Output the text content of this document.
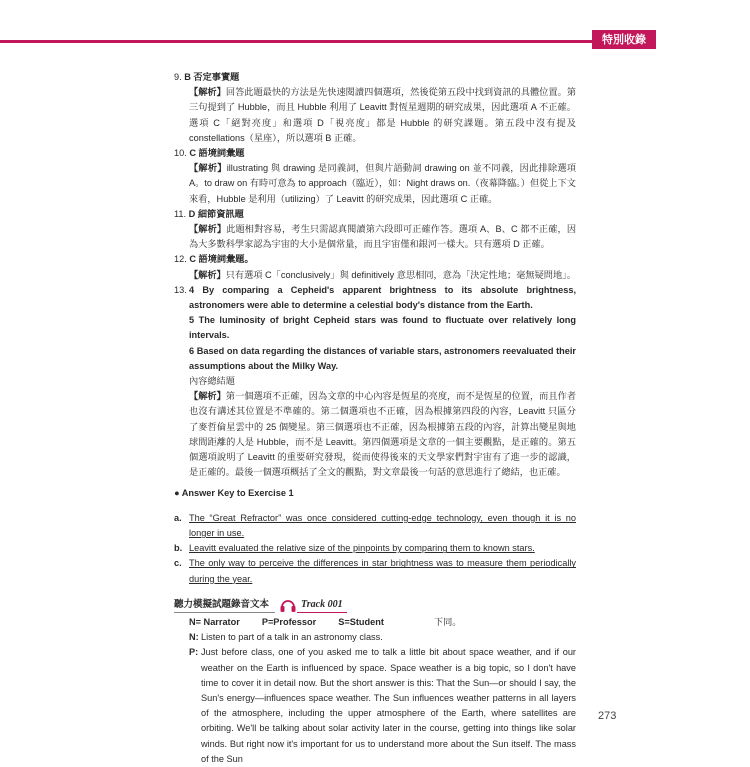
特別收錄

9. B 否定事實題

【解析】回答此題最快的方法是先快速閱讀四個選項，然後從第五段中找到資訊的具體位置。第三句提到了 Hubble，而且 Hubble 利用了 Leavitt 對恆星週期的研究成果，因此選項 A 不正確。選項 C「絕對亮度」和選項 D「視亮度」都是 Hubble 的研究課題。第五段中沒有提及 constellations（星座），所以選項 B 正確。

10. C 語境詞彙題

【解析】illustrating 與 drawing 是同義詞，但與片語動詞 drawing on 並不同義，因此排除選項 A。to draw on 有時可意為 to approach（臨近），如：Night draws on.（夜幕降臨。）但從上下文來看，Hubble 是利用（utilizing）了 Leavitt 的研究成果，因此選項 C 正確。

11. D 細節資訊題

【解析】此題相對容易，考生只需認真閱讀第六段即可正確作答。選項 A、B、C 都不正確，因為大多數科學家認為宇宙的大小是個常量，而且宇宙僅和銀河一樣大。只有選項 D 正確。

12. C 語境詞彙題。

【解析】只有選項 C「conclusively」與 definitively 意思相同，意為「決定性地；毫無疑問地」。

13. 4 By comparing a Cepheid's apparent brightness to its absolute brightness, astronomers were able to determine a celestial body's distance from the Earth.

5 The luminosity of bright Cepheid stars was found to fluctuate over relatively long intervals.

6 Based on data regarding the distances of variable stars, astronomers reevaluated their assumptions about the Milky Way.

內容總結題

【解析】第一個選項不正確，因為文章的中心內容是恆星的亮度，而不是恆星的位置，而且作者也沒有講述其位置是不準確的。第二個選項也不正確，因為根據第四段的內容，Leavitt 只區分了麥哲倫星雲中的 25 個變星。第三個選項也不正確，因為根據第五段的內容，計算出變星與地球間距離的人是 Hubble，而不是 Leavitt。第四個選項是文章的一個主要觀點，是正確的。第五個選項說明了 Leavitt 的重要研究發現，從而使得後來的天文學家們對宇宙有了進一步的認識，是正確的。最後一個選項概括了全文的觀點，對文章最後一句話的意思進行了總結，也正確。

● Answer Key to Exercise 1

a. The “Great Refractor” was once considered cutting-edge technology, even though it is no longer in use.
b. Leavitt evaluated the relative size of the pinpoints by comparing them to known stars.
c. The only way to perceive the differences in star brightness was to measure them periodically during the year.
聽力模擬試題錄音文本	Track 001
N= Narrator P=Professor S=Student	下同。
N: Listen to part of a talk in an astronomy class.
P: Just before class, one of you asked me to talk a little bit about space weather, and if our weather on the Earth is influenced by space. Space weather is a big topic, so I don't have time to cover it in detail now. But the short answer is this: That the Sun—or should I say, the Sun's energy—influences space weather. The Sun influences weather patterns in all layers of the atmosphere, including the upper atmosphere of the Earth, where satellites are orbiting. We'll be talking about solar activity later in the course, getting into things like solar winds. But right now it's important for us to understand more about the Sun itself. The mass of the Sun
273
